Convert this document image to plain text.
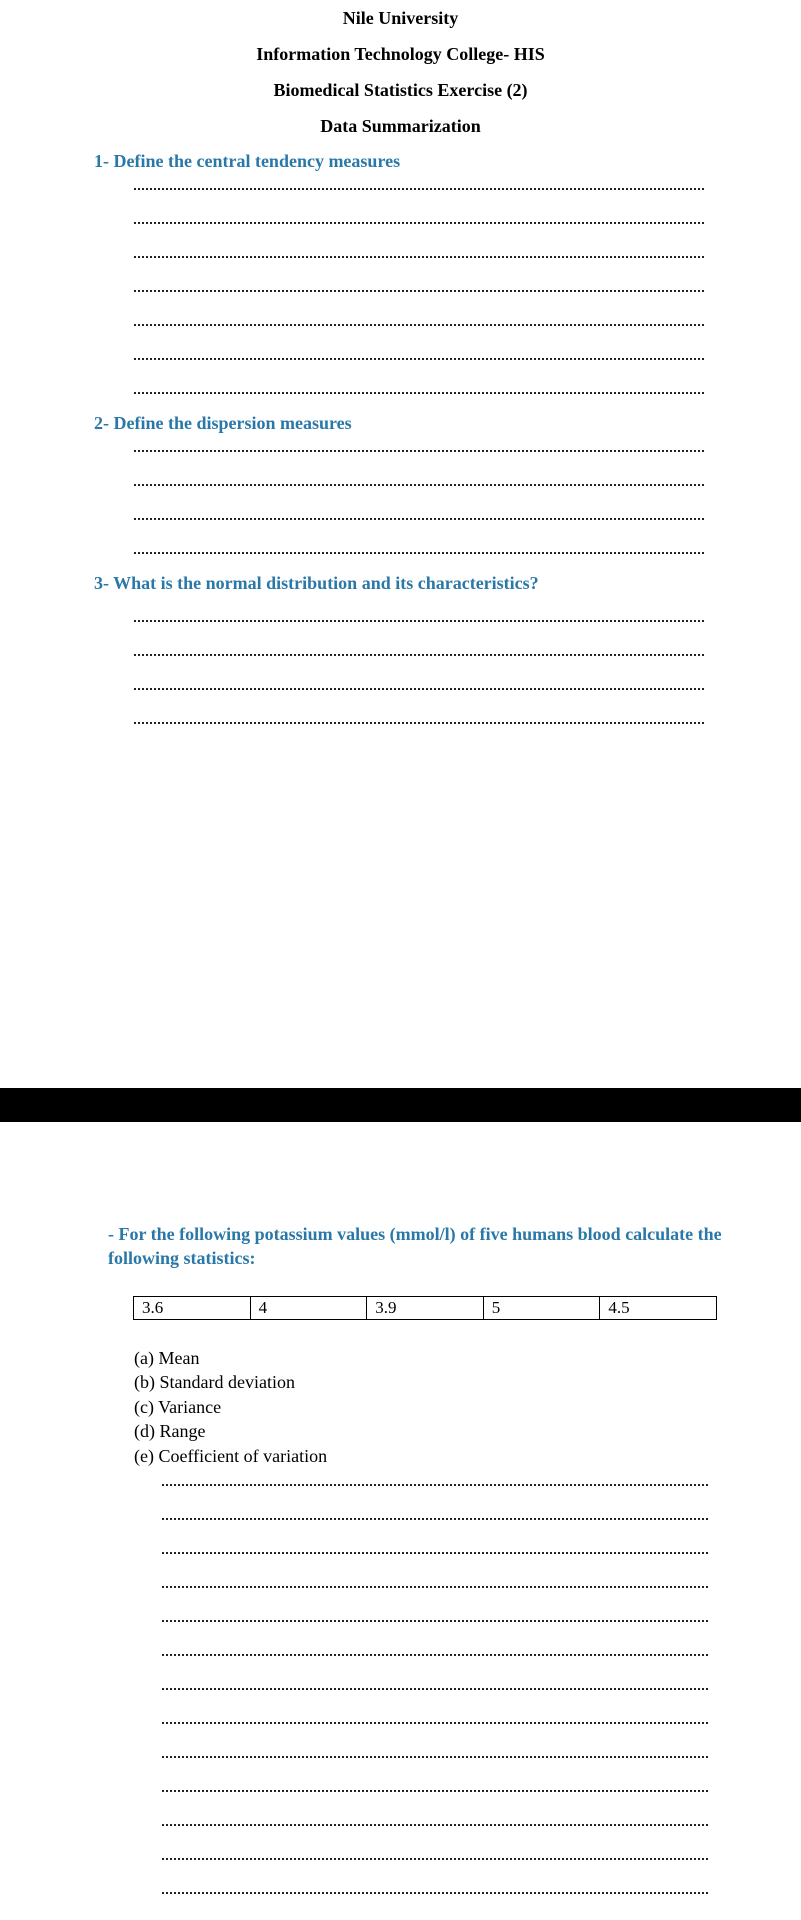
Nile University
Information Technology College- HIS
Biomedical Statistics Exercise (2)
Data Summarization
1- Define the central tendency measures
2- Define the dispersion measures
3- What is the normal distribution and its characteristics?
- For the following potassium values (mmol/l) of five humans blood calculate the following statistics:
3.6	4	3.9	5	4.5
(a) Mean
(b) Standard deviation
(c) Variance
(d) Range
(e) Coefficient of variation
